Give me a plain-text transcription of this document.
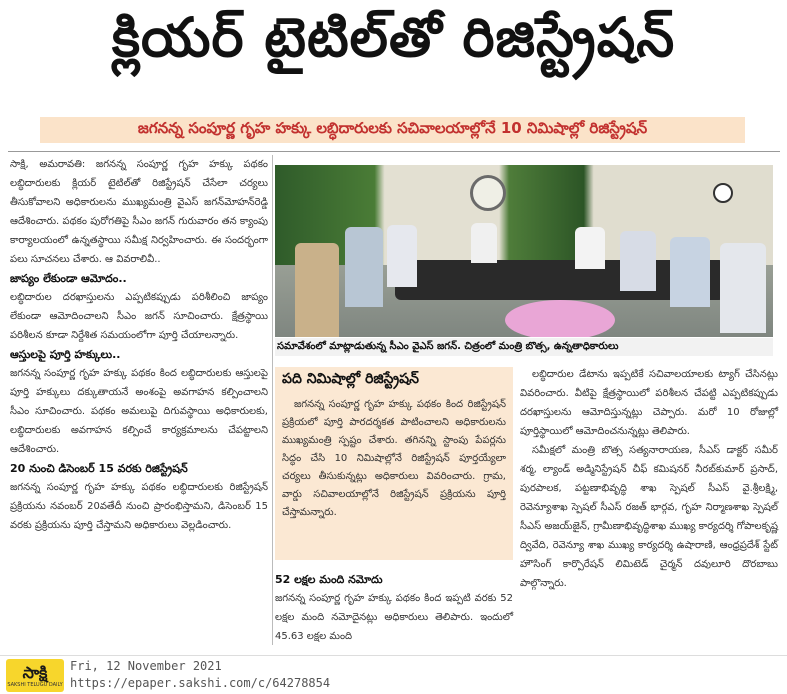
క్లియర్ టైటిల్‌తో రిజిస్ట్రేషన్
జగనన్న సంపూర్ణ గృహ హక్కు లబ్ధిదారులకు సచివాలయాల్లోనే 10 నిమిషాల్లో రిజిస్ట్రేషన్

సాక్షి, అమరావతి: జగనన్న సంపూర్ణ గృహ హక్కు పథకం లబ్ధిదారులకు క్లియర్ టైటిల్‌తో రిజిస్ట్రేషన్ చేసేలా చర్యలు తీసుకోవాలని అధికారులను ముఖ్యమంత్రి వైఎస్ జగన్‌మోహన్‌రెడ్డి ఆదేశించారు. పథకం పురోగతిపై సీఎం జగన్ గురువారం తన క్యాంపు కార్యాలయంలో ఉన్నతస్థాయి సమీక్ష నిర్వహించారు. ఈ సందర్భంగా పలు సూచనలు చేశారు. ఆ వివరాలివీ..

జాప్యం లేకుండా ఆమోదం..

లబ్ధిదారుల దరఖాస్తులను ఎప్పటికప్పుడు పరిశీలించి జాప్యం లేకుండా ఆమోదించాలని సీఎం జగన్ సూచించారు. క్షేత్రస్థాయి పరిశీలన కూడా నిర్దేశిత సమయంలోగా పూర్తి చేయాలన్నారు.

ఆస్తులపై పూర్తి హక్కులు..

జగనన్న సంపూర్ణ గృహ హక్కు పథకం కింద లబ్ధిదారులకు ఆస్తులపై పూర్తి హక్కులు దక్కుతాయనే అంశంపై అవగాహన కల్పించాలని సీఎం సూచించారు. పథకం అమలుపై దిగువస్థాయి అధికారులకు, లబ్ధిదారులకు అవగాహన కల్పించే కార్యక్రమాలను చేపట్టాలని ఆదేశించారు.

20 నుంచి డిసెంబర్ 15 వరకు రిజిస్ట్రేషన్

జగనన్న సంపూర్ణ గృహ హక్కు పథకం లబ్ధిదారులకు రిజిస్ట్రేషన్ ప్రక్రియను నవంబర్ 20వతేదీ నుంచి ప్రారంభిస్తామని, డిసెంబర్ 15 వరకు ప్రక్రియను పూర్తి చేస్తామని అధికారులు వెల్లడించారు.

సమావేశంలో మాట్లాడుతున్న సీఎం వైఎస్ జగన్. చిత్రంలో మంత్రి బొత్స, ఉన్నతాధికారులు
పది నిమిషాల్లో రిజిస్ట్రేషన్

జగనన్న సంపూర్ణ గృహ హక్కు పథకం కింద రిజిస్ట్రేషన్ ప్రక్రియలో పూర్తి పారదర్శకత పాటించాలని అధికారులను ముఖ్యమంత్రి స్పష్టం చేశారు. తగినన్ని స్టాంపు పేపర్లను సిద్ధం చేసి 10 నిమిషాల్లోనే రిజిస్ట్రేషన్ పూర్తయ్యేలా చర్యలు తీసుకున్నట్లు అధికారులు వివరించారు. గ్రామ, వార్డు సచివాలయాల్లోనే రిజిస్ట్రేషన్ ప్రక్రియను పూర్తి చేస్తామన్నారు.

52 లక్షల మంది నమోదు

జగనన్న సంపూర్ణ గృహ హక్కు పథకం కింద ఇప్పటి వరకు 52 లక్షల మంది నమోదైనట్లు అధికారులు తెలిపారు. ఇందులో 45.63 లక్షల మంది

లబ్ధిదారుల డేటాను ఇప్పటికే సచివాలయాలకు ట్యాగ్ చేసినట్లు వివరించారు. వీటిపై క్షేత్రస్థాయిలో పరిశీలన చేపట్టి ఎప్పటికప్పుడు దరఖాస్తులను ఆమోదిస్తున్నట్లు చెప్పారు. మరో 10 రోజుల్లో పూర్తిస్థాయిలో ఆమోదించనున్నట్లు తెలిపారు.

సమీక్షలో మంత్రి బొత్స సత్యనారాయణ, సీఎస్ డాక్టర్ సమీర్ శర్మ, ల్యాండ్ అడ్మినిస్ట్రేషన్ చీఫ్ కమిషనర్ నీరబ్‌కుమార్ ప్రసాద్, పురపాలక, పట్టణాభివృద్ధి శాఖ స్పెషల్ సీఎస్ వై.శ్రీలక్ష్మి, రెవెన్యూశాఖ స్పెషల్ సీఎస్ రజత్ భార్గవ, గృహ నిర్మాణశాఖ స్పెషల్ సీఎస్ అజయ్‌జైన్, గ్రామీణాభివృద్ధిశాఖ ముఖ్య కార్యదర్శి గోపాలకృష్ణ ద్వివేది, రెవెన్యూ శాఖ ముఖ్య కార్యదర్శి ఉషారాణి, ఆంధ్రప్రదేశ్ స్టేట్ హౌసింగ్ కార్పొరేషన్ లిమిటెడ్ చైర్మన్ దవులూరి దొరబాబు పాల్గొన్నారు.

సాక్షి
SAKSHI TELUGU DAILY
Fri, 12 November 2021
https://epaper.sakshi.com/c/64278854
